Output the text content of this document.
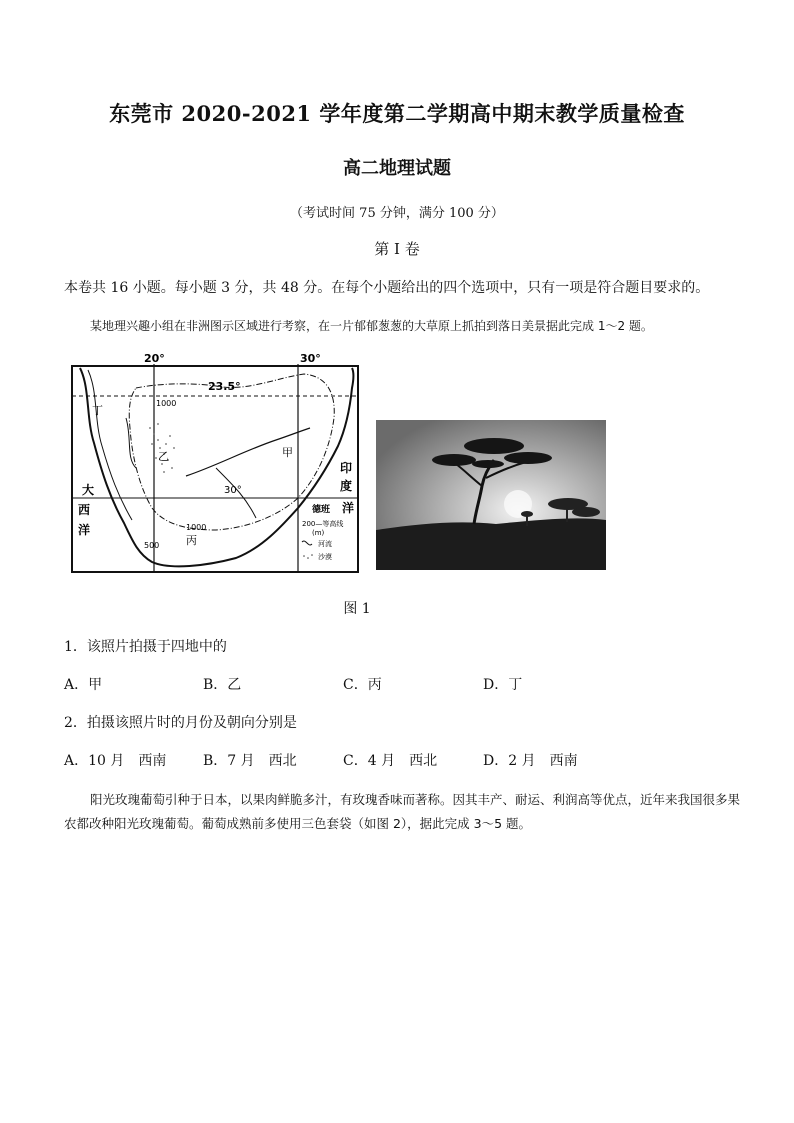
东莞市 2020-2021 学年度第二学期高中期末教学质量检查
高二地理试题
（考试时间 75 分钟，满分 100 分）
第 I 卷
本卷共 16 小题。每小题 3 分，共 48 分。在每个小题给出的四个选项中，只有一项是符合题目要求的。
某地理兴趣小组在非洲图示区域进行考察，在一片郁郁葱葱的大草原上抓拍到落日美景据此完成 1～2 题。
20°	30°
23.5°
1000
30°
1000
500
甲
乙
丙
丁
大
西
洋
印
度
洋
德班
200—等高线
(m)
河流
沙漠
图 1
1．该照片拍摄于四地中的
A．甲	B．乙	C．丙	D．丁
2．拍摄该照片时的月份及朝向分别是
A．10 月　西南	B．7 月　西北	C．4 月　西北	D．2 月　西南
阳光玫瑰葡萄引种于日本，以果肉鲜脆多汁，有玫瑰香味而著称。因其丰产、耐运、利润高等优点，近年来我国很多果农都改种阳光玫瑰葡萄。葡萄成熟前多使用三色套袋（如图 2），据此完成 3～5 题。
